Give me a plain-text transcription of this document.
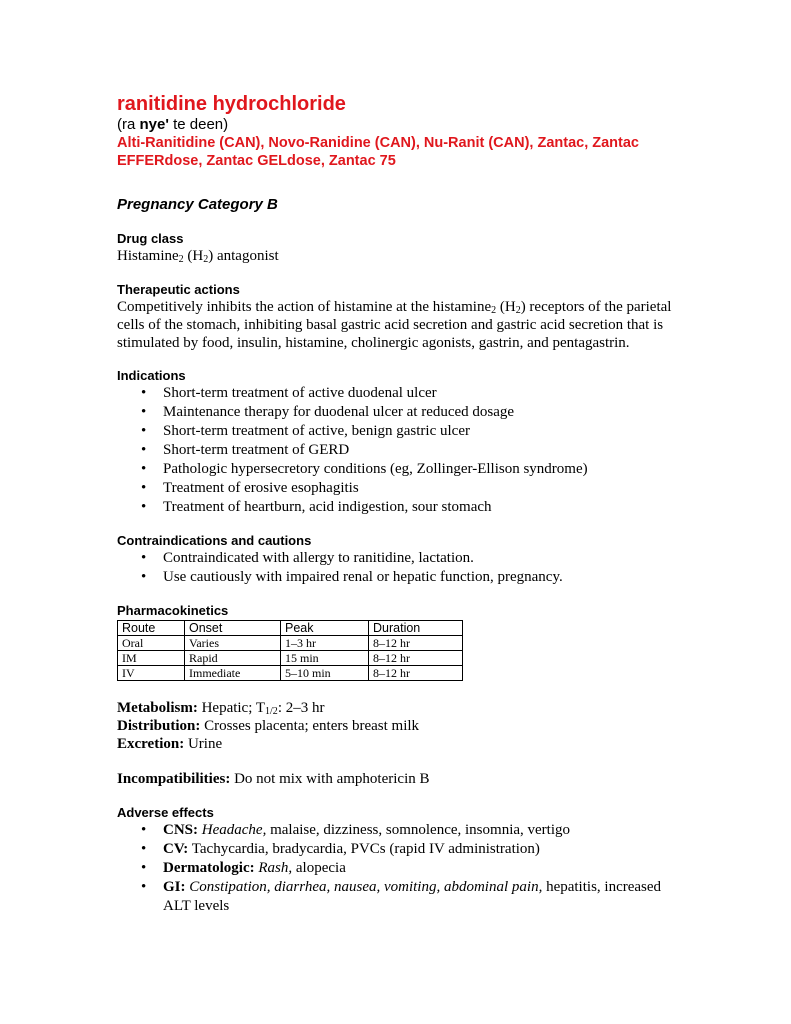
ranitidine hydrochloride

(ra nye' te deen)

Alti-Ranitidine (CAN), Novo-Ranidine (CAN), Nu-Ranit (CAN), Zantac, Zantac EFFERdose, Zantac GELdose, Zantac 75

Pregnancy Category B

Drug class

Histamine$_2$ $(H_2)$ antagonist

Therapeutic actions

Competitively inhibits the action of histamine at the histamine$_2$ $(H_2)$ receptors of the parietal cells of the stomach, inhibiting basal gastric acid secretion and gastric acid secretion that is stimulated by food, insulin, histamine, cholinergic agonists, gastrin, and pentagastrin.

Indications

• Short-term treatment of active duodenal ulcer
• Maintenance therapy for duodenal ulcer at reduced dosage
• Short-term treatment of active, benign gastric ulcer
• Short-term treatment of GERD
• Pathologic hypersecretory conditions (eg, Zollinger-Ellison syndrome)
• Treatment of erosive esophagitis
• Treatment of heartburn, acid indigestion, sour stomach

Contraindications and cautions

• Contraindicated with allergy to ranitidine, lactation.
• Use cautiously with impaired renal or hepatic function, pregnancy.

Pharmacokinetics

Route	Onset	Peak	Duration
Oral	Varies	1–3 hr	8–12 hr
IM	Rapid	15 min	8–12 hr
IV	Immediate	5–10 min	8–12 hr

Metabolism: Hepatic; $T_{1/2}$: 2–3 hr

Distribution: Crosses placenta; enters breast milk

Excretion: Urine

Incompatibilities: Do not mix with amphotericin B

Adverse effects

• CNS: Headache, malaise, dizziness, somnolence, insomnia, vertigo
• CV: Tachycardia, bradycardia, PVCs (rapid IV administration)
• Dermatologic: Rash, alopecia
• GI: Constipation, diarrhea, nausea, vomiting, abdominal pain, hepatitis, increased ALT levels
